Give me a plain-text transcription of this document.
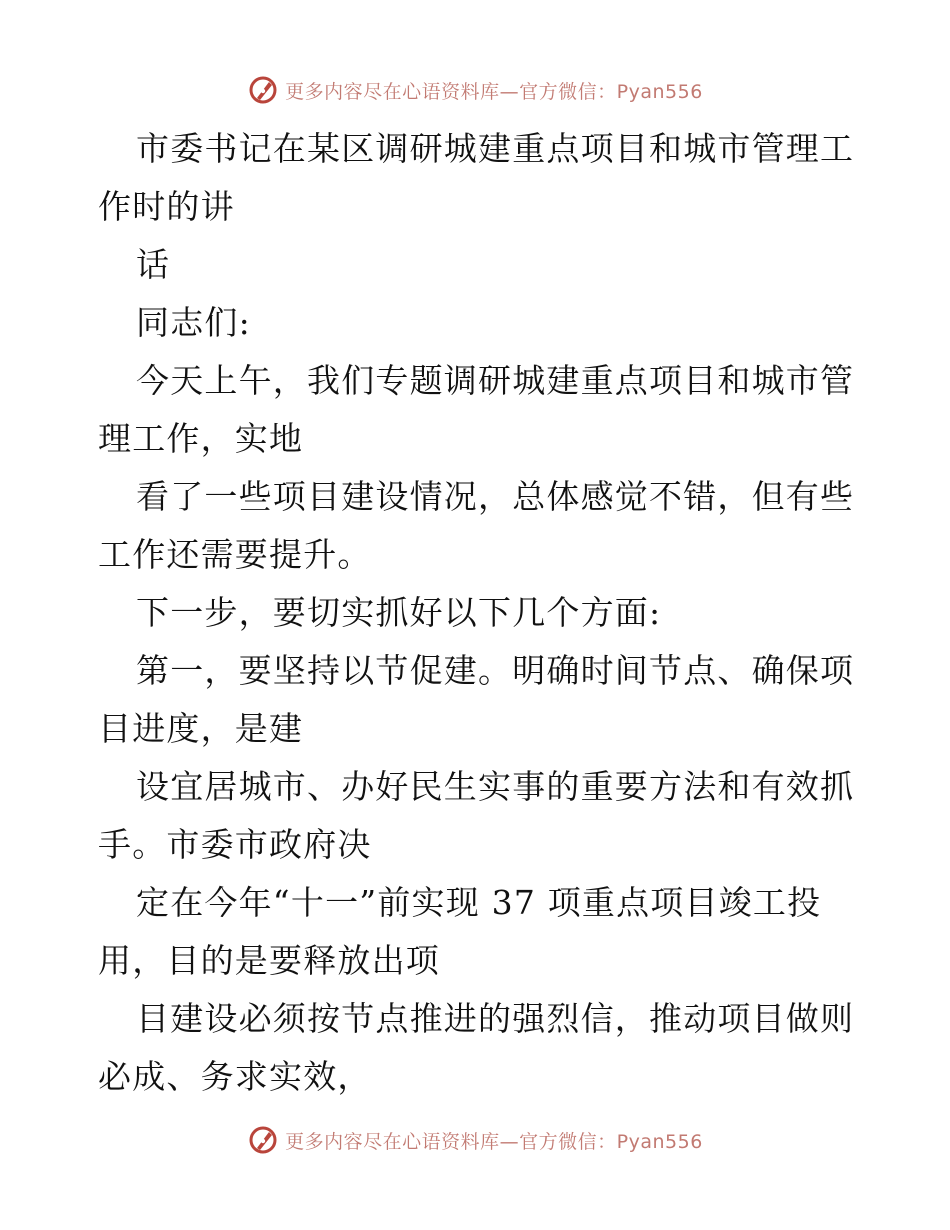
更多内容尽在心语资料库—官方微信：Pyan556
市委书记在某区调研城建重点项目和城市管理工
作时的讲
话
同志们:
今天上午，我们专题调研城建重点项目和城市管
理工作，实地
看了一些项目建设情况，总体感觉不错，但有些
工作还需要提升。
下一步，要切实抓好以下几个方面:
第一，要坚持以节促建。明确时间节点、确保项
目进度，是建
设宜居城市、办好民生实事的重要方法和有效抓
手。市委市政府决
定在今年“十一”前实现 37 项重点项目竣工投
用，目的是要释放出项
目建设必须按节点推进的强烈信，推动项目做则
必成、务求实效，
更多内容尽在心语资料库—官方微信：Pyan556
